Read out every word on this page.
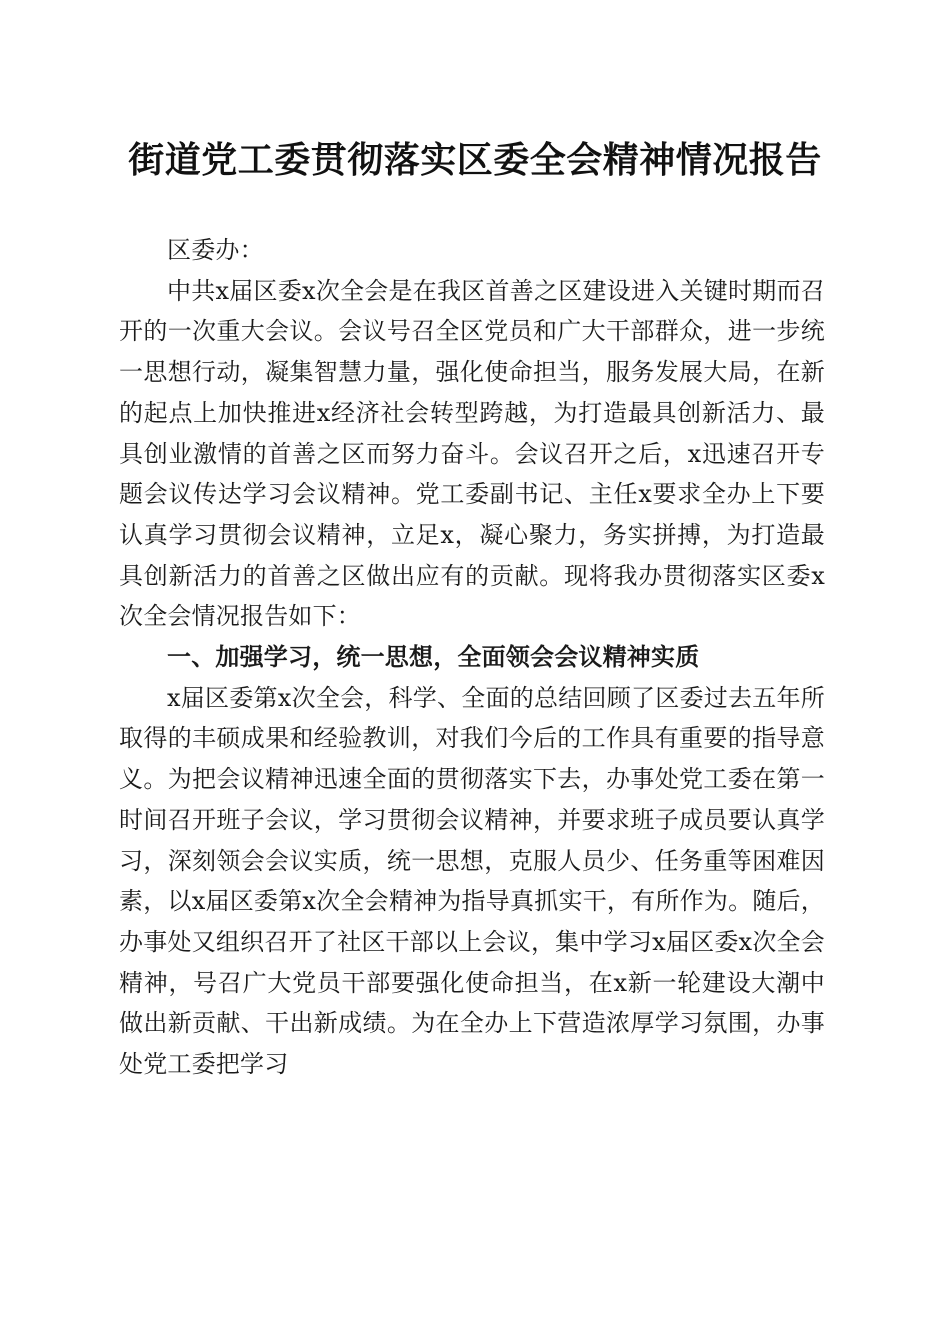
街道党工委贯彻落实区委全会精神情况报告

区委办：

中共x届区委x次全会是在我区首善之区建设进入关键时期而召开的一次重大会议。会议号召全区党员和广大干部群众，进一步统一思想行动，凝集智慧力量，强化使命担当，服务发展大局，在新的起点上加快推进x经济社会转型跨越，为打造最具创新活力、最具创业激情的首善之区而努力奋斗。会议召开之后，x迅速召开专题会议传达学习会议精神。党工委副书记、主任x要求全办上下要认真学习贯彻会议精神，立足x，凝心聚力，务实拼搏，为打造最具创新活力的首善之区做出应有的贡献。现将我办贯彻落实区委x次全会情况报告如下：

一、加强学习，统一思想，全面领会会议精神实质

x届区委第x次全会，科学、全面的总结回顾了区委过去五年所取得的丰硕成果和经验教训，对我们今后的工作具有重要的指导意义。为把会议精神迅速全面的贯彻落实下去，办事处党工委在第一时间召开班子会议，学习贯彻会议精神，并要求班子成员要认真学习，深刻领会会议实质，统一思想，克服人员少、任务重等困难因素，以x届区委第x次全会精神为指导真抓实干，有所作为。随后，办事处又组织召开了社区干部以上会议，集中学习x届区委x次全会精神，号召广大党员干部要强化使命担当，在x新一轮建设大潮中做出新贡献、干出新成绩。为在全办上下营造浓厚学习氛围，办事处党工委把学习
